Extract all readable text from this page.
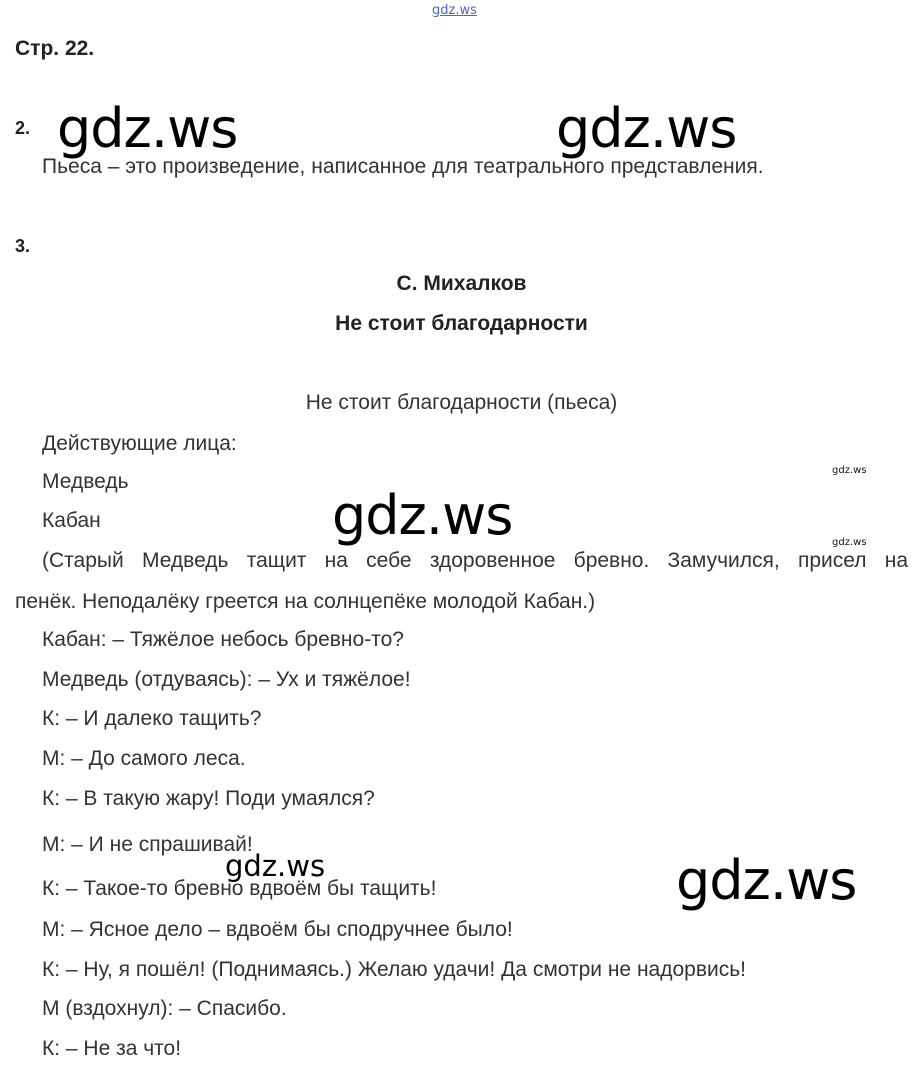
gdz.ws
Стр. 22.
2.
Пьеса – это произведение, написанное для театрального представления.
3.
С. Михалков
Не стоит благодарности
Не стоит благодарности (пьеса)
Действующие лица:
Медведь
Кабан
(Старый Медведь тащит на себе здоровенное бревно. Замучился, присел на
пенёк. Неподалёку греется на солнцепёке молодой Кабан.)
Кабан: – Тяжёлое небось бревно-то?
Медведь (отдуваясь): – Ух и тяжёлое!
К: – И далеко тащить?
М: – До самого леса.
К: – В такую жару! Поди умаялся?
М: – И не спрашивай!
К: – Такое-то бревно вдвоём бы тащить!
М: – Ясное дело – вдвоём бы сподручнее было!
К: – Ну, я пошёл! (Поднимаясь.) Желаю удачи! Да смотри не надорвись!
М (вздохнул): – Спасибо.
К: – Не за что!
gdz.ws	gdz.ws
gdz.ws
gdz.ws
gdz.ws
gdz.ws
gdz.ws
